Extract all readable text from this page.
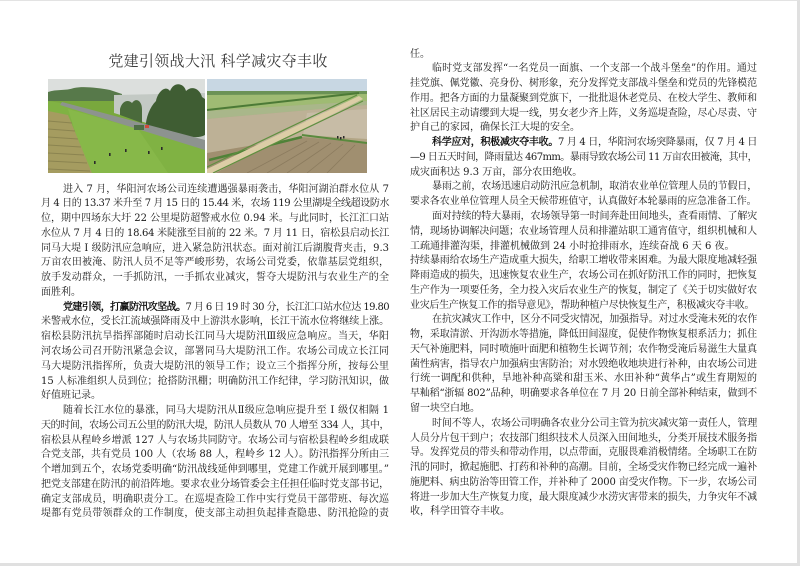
党建引领战大汛 科学减灾夺丰收
进入 7 月，华阳河农场公司连续遭遇强暴雨袭击，华阳河湖泊群水位从 7
月 4 日的 13.37 米升至 7 月 15 日的 15.44 米，农场 119 公里湖堤全线超设防水
位，期中四场东大圩 22 公里堤防超警戒水位 0.94 米。与此同时，长江汇口站
水位从 7 月 4 日的 18.64 米陡涨至目前的 22 米。7 月 11 日，宿松县启动长江
同马大堤 Ⅰ 级防汛应急响应，进入紧急防汛状态。面对前江后湖腹背夹击，9.3
万亩农田被淹、防汛人员不足等严峻形势，农场公司党委，依靠基层党组织，
放手发动群众，一手抓防汛，一手抓农业减灾，誓夺大堤防汛与农业生产的全
面胜利。
党建引领，打赢防汛攻坚战。7 月 6 日 19 时 30 分，长江汇口站水位达 19.80
米警戒水位，受长江流域强降雨及中上游洪水影响，长江干流水位将继续上涨。
宿松县防汛抗旱指挥部随时启动长江同马大堤防汛Ⅲ级应急响应。当天，华阳
河农场公司召开防汛紧急会议，部署同马大堤防汛工作。农场公司成立长江同
马大堤防汛指挥所，负责大堤防汛的领导工作；设立三个指挥分所，按每公里
15 人标准组织人员到位；抢搭防汛棚；明确防汛工作纪律，学习防汛知识，做
好值班记录。
随着长江水位的暴涨，同马大堤防汛从Ⅱ级应急响应提升至 Ⅰ 级仅相隔 1
天的时间，农场公司五公里的防汛大堤，防汛人员数从 70 人增至 334 人，其中，
宿松县从程岭乡增派 127 人与农场共同防守。农场公司与宿松县程岭乡组成联
合党支部，共有党员 100 人（农场 88 人，程岭乡 12 人）。防汛指挥分所由三
个增加到五个，农场党委明确“防汛战线延伸到哪里，党建工作就开展到哪里。”
把党支部建在防汛的前沿阵地。要求农业分场管委会主任担任临时党支部书记，
确定支部成员，明确职责分工。在巡堤查险工作中实行党员干部带班、每次巡
堤都有党员带领群众的工作制度，使支部主动担负起排查隐患、防汛抢险的责
任。
临时党支部发挥“一名党员一面旗、一个支部一个战斗堡垒”的作用。通过
挂党旗、佩党徽、亮身份、树形象，充分发挥党支部战斗堡垒和党员的先锋模范
作用。把各方面的力量凝聚到党旗下，一批批退休老党员、在校大学生、教师和
社区居民主动请缨到大堤一线，男女老少齐上阵，义务巡堤查险，尽心尽责、守
护自己的家园，确保长江大堤的安全。
科学应对，积极减灾夺丰收。7 月 4 日，华阳河农场突降暴雨，仅 7 月 4 日
—9 日五天时间，降雨量达 467mm。暴雨导致农场公司 11 万亩农田被淹，其中，
成灾面积达 9.3 万亩，部分农田绝收。
暴雨之前，农场迅速启动防汛应急机制，取消农业单位管理人员的节假日，
要求各农业单位管理人员全天候带班值守，认真做好本轮暴雨的应急准备工作。
面对持续的特大暴雨，农场领导第一时间奔赴田间地头，查看雨情、了解灾
情，现场协调解决问题；农业场管理人员和排灌站职工通宵值守，组织机械和人
工疏通排灌沟渠，排灌机械做到 24 小时抢排雨水，连续奋战 6 天 6 夜。
持续暴雨给农场生产造成重大损失，给职工增收带来困难。为最大限度地减轻强
降雨造成的损失，迅速恢复农业生产，农场公司在抓好防汛工作的同时，把恢复
生产作为一项要任务，全力投入灾后农业生产的恢复，制定了《关于切实做好农
业灾后生产恢复工作的指导意见》，帮助种植户尽快恢复生产，积极减灾夺丰收。
在抗灾减灾工作中，区分不同受灾情况，加强指导。对过水受淹未死的农作
物，采取清淤、开沟沥水等措施，降低田间湿度，促使作物恢复根系活力；抓住
天气补施肥料，同时喷施叶面肥和植物生长调节剂；农作物受淹后易滋生大量真
菌性病害，指导农户加强病虫害防治；对水毁绝收地块进行补种，由农场公司进
行统一调配和供种，旱地补种高粱和甜玉米、水田补种“黄华占”或生育期短的
早籼稻“浙辐 802”品种，明确要求各单位在 7 月 20 日前全部补种结束，做到不
留一块空白地。
时间不等人，农场公司明确各农业分公司主管为抗灾减灾第一责任人，管理
人员分片包干到户；农技部门组织技术人员深入田间地头，分类开展技术服务指
导。发挥党员的带头和带动作用，以点带面，克服畏难消极情绪。全场职工在防
汛的同时，掀起施肥、打药和补种的高潮。目前，全场受灾作物已经完成一遍补
施肥料、病虫防治等田管工作，并补种了 2000 亩受灾作物。下一步，农场公司
将进一步加大生产恢复力度，最大限度减少水涝灾害带来的损失，力争灾年不减
收，科学田管夺丰收。
